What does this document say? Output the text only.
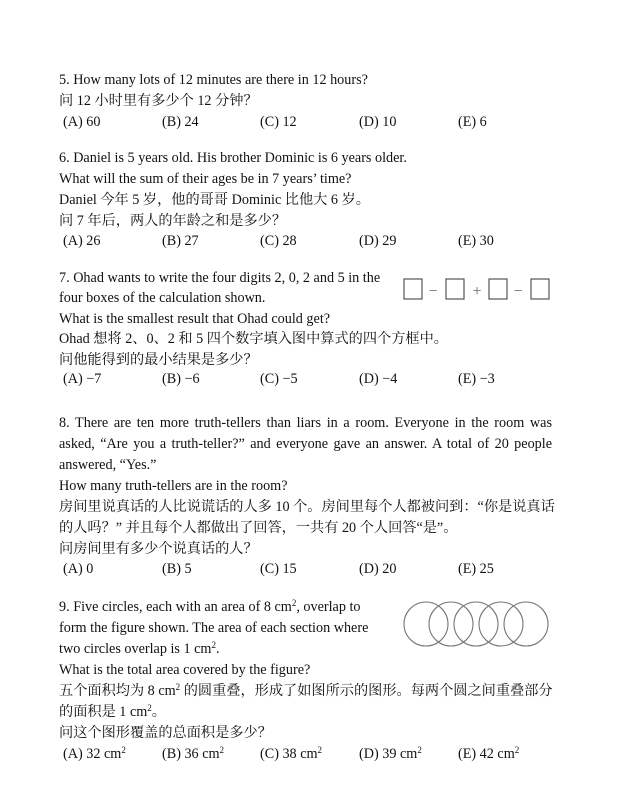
5. How many lots of 12 minutes are there in 12 hours?
问 12 小时里有多少个 12 分钟？
(A) 60	(B) 24	(C) 12	(D) 10	(E) 6
6. Daniel is 5 years old. His brother Dominic is 6 years older.
What will the sum of their ages be in 7 years’ time?
Daniel 今年 5 岁，他的哥哥 Dominic 比他大 6 岁。
问 7 年后，两人的年龄之和是多少？
(A) 26	(B) 27	(C) 28	(D) 29	(E) 30
7. Ohad wants to write the four digits 2, 0, 2 and 5 in the
four boxes of the calculation shown.
What is the smallest result that Ohad could get?
Ohad 想将 2、0、2 和 5 四个数字填入图中算式的四个方框中。
问他能得到的最小结果是多少？
− + −
(A) −7	(B) −6	(C) −5	(D) −4	(E) −3
8. There are ten more truth-tellers than liars in a room. Everyone in the room was
asked, “Are you a truth-teller?” and everyone gave an answer. A total of 20 people
answered, “Yes.”
How many truth-tellers are in the room?
房间里说真话的人比说谎话的人多 10 个。房间里每个人都被问到：“你是说真话
的人吗？” 并且每个人都做出了回答，一共有 20 个人回答“是”。
问房间里有多少个说真话的人？
(A) 0	(B) 5	(C) 15	(D) 20	(E) 25
9. Five circles, each with an area of 8 $cm^2$, overlap to
form the figure shown. The area of each section where
two circles overlap is 1 $cm^2$.
What is the total area covered by the figure?
五个面积均为 8 $cm^2$ 的圆重叠，形成了如图所示的图形。每两个圆之间重叠部分
的面积是 1 $cm^2$。
问这个图形覆盖的总面积是多少？
(A) 32 $cm^2$	(B) 36 $cm^2$	(C) 38 $cm^2$	(D) 39 $cm^2$	(E) 42 $cm^2$
